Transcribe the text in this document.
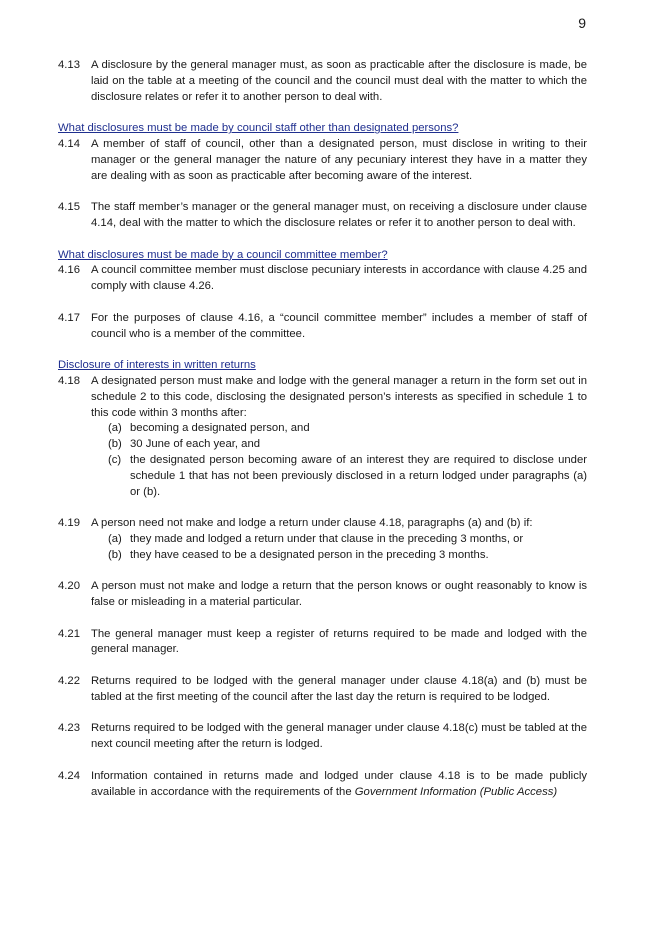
9
4.13 A disclosure by the general manager must, as soon as practicable after the disclosure is made, be laid on the table at a meeting of the council and the council must deal with the matter to which the disclosure relates or refer it to another person to deal with.
What disclosures must be made by council staff other than designated persons?
4.14 A member of staff of council, other than a designated person, must disclose in writing to their manager or the general manager the nature of any pecuniary interest they have in a matter they are dealing with as soon as practicable after becoming aware of the interest.
4.15 The staff member’s manager or the general manager must, on receiving a disclosure under clause 4.14, deal with the matter to which the disclosure relates or refer it to another person to deal with.
What disclosures must be made by a council committee member?
4.16 A council committee member must disclose pecuniary interests in accordance with clause 4.25 and comply with clause 4.26.
4.17 For the purposes of clause 4.16, a “council committee member” includes a member of staff of council who is a member of the committee.
Disclosure of interests in written returns
4.18 A designated person must make and lodge with the general manager a return in the form set out in schedule 2 to this code, disclosing the designated person’s interests as specified in schedule 1 to this code within 3 months after:
(a) becoming a designated person, and
(b) 30 June of each year, and
(c) the designated person becoming aware of an interest they are required to disclose under schedule 1 that has not been previously disclosed in a return lodged under paragraphs (a) or (b).
4.19 A person need not make and lodge a return under clause 4.18, paragraphs (a) and (b) if:
(a) they made and lodged a return under that clause in the preceding 3 months, or
(b) they have ceased to be a designated person in the preceding 3 months.
4.20 A person must not make and lodge a return that the person knows or ought reasonably to know is false or misleading in a material particular.
4.21 The general manager must keep a register of returns required to be made and lodged with the general manager.
4.22 Returns required to be lodged with the general manager under clause 4.18(a) and (b) must be tabled at the first meeting of the council after the last day the return is required to be lodged.
4.23 Returns required to be lodged with the general manager under clause 4.18(c) must be tabled at the next council meeting after the return is lodged.
4.24 Information contained in returns made and lodged under clause 4.18 is to be made publicly available in accordance with the requirements of the Government Information (Public Access)
